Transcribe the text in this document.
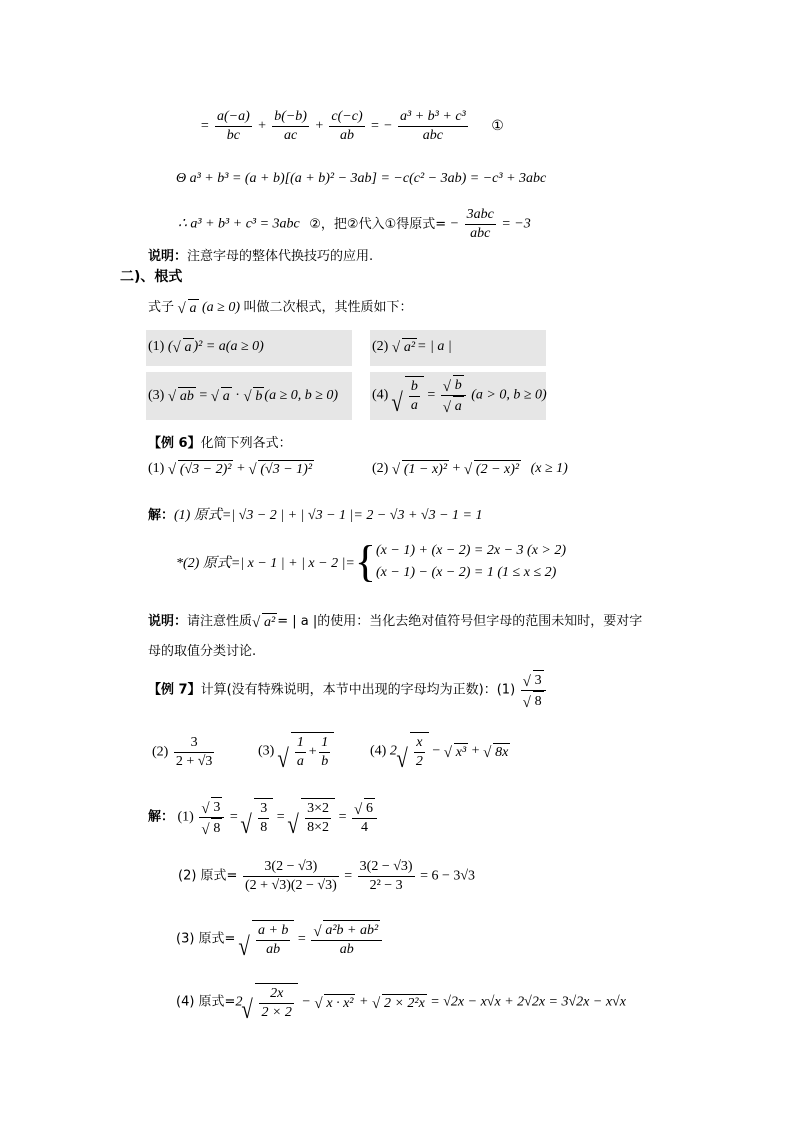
= $\frac{a(-a)}{bc} + \frac{b(-b)}{ac} + \frac{c(-c)}{ab}$ = − $\frac{\text{a³ + b³ + c³}}{\text{abc}}$ ①
Θ a³ + b³ = (a + b)[(a + b)² − 3ab] = −c(c² − 3ab) = −c³ + 3abc
∴ a³ + b³ + c³ = 3abc ②，把②代入①得原式= − $\frac{\text{3abc}}{\text{abc}} = -3$
说明：注意字母的整体代换技巧的应用.
二)、根式
式子 √ a (a ≥ 0) 叫做二次根式，其性质如下：
(1) ( √ a )² = a(a ≥ 0)	(2) √ a² = | a |
(3) √ ab = √ a · √ b (a ≥ 0, b ≥ 0) (4) √ $\frac{b}{a}$ = √ b
√ a (a > 0, b ≥ 0)
【例 6】化简下列各式：
(1) √ (√3 − 2)² + √ (√3 − 1)²	(2) √ (1 − x)² + √ (2 − x)² (x ≥ 1)
解：(1) 原式=| √3 − 2 | + | √3 − 1 |= 2 − √3 + √3 − 1 = 1
*(2) 原式=| x − 1 | + | x − 2 |={ (x − 1) + (x − 2) = 2x − 3 (x > 2)
(x − 1) − (x − 2) = 1 (1 ≤ x ≤ 2)
说明：请注意性质 √ a² = | a |的使用：当化去绝对值符号但字母的范围未知时，要对字
母的取值分类讨论.
【例 7】计算(没有特殊说明，本节中出现的字母均为正数)：(1) √ 3
√ 8
$(2) \frac{3}{2 + √3}$	(3) √ $\frac{1}{a} + \frac{1}{b}$	(4) 2 √ $\frac{x}{2}$ − √ x³ + √ 8x
解： (1) √ 3
√ 8 = √ $\frac{3}{8}$ = √ $\frac{3\times 2}{8\times 2}$ = √ $\frac{6}{4}$
(2) 原式= $\frac{3(2 - √3)}{(2 + √3)(2 - √3)} = \frac{3(2 - √3)}{\text{2² − 3}} = 6 - 3√3$
(3) 原式= √ $\frac{a + b}{ab}$ = √ $\frac{\text{a²b + ab²}}{ab}$
(4) 原式=2 √ $\frac{2x}{2 \times 2}$ − √ x · x² + √ 2 × 2²x = √2x − x√x + 2√2x = 3√2x − x√x
